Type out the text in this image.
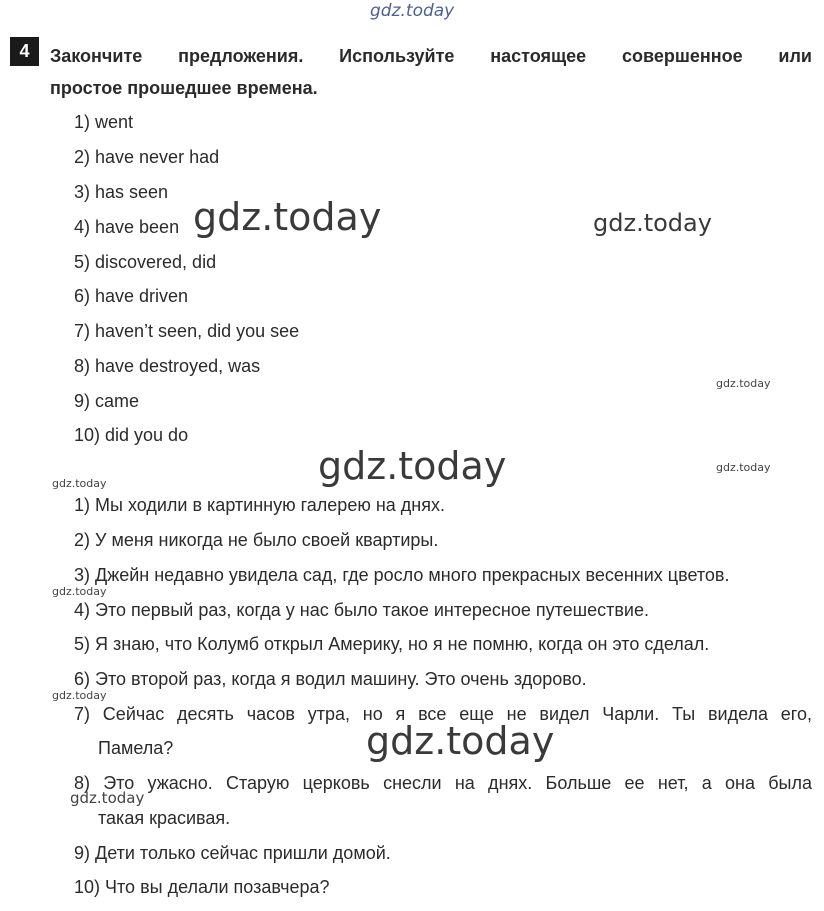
gdz.today
4	Закончите предложения. Используйте настоящее совершенное или
простое прошедшее времена.
1) went
2) have never had
3) has seen
4) have been
5) discovered, did
6) have driven
7) haven’t seen, did you see
8) have destroyed, was
9) came
10) did you do
gdz.today	gdz.today
gdz.today
gdz.today	gdz.today
gdz.today
1) Мы ходили в картинную галерею на днях.
2) У меня никогда не было своей квартиры.
3) Джейн недавно увидела сад, где росло много прекрасных весенних цветов.
4) Это первый раз, когда у нас было такое интересное путешествие.
5) Я знаю, что Колумб открыл Америку, но я не помню, когда он это сделал.
6) Это второй раз, когда я водил машину. Это очень здорово.
7) Сейчас десять часов утра, но я все еще не видел Чарли. Ты видела его,
Памела?
8) Это ужасно. Старую церковь снесли на днях. Больше ее нет, а она была
такая красивая.
9) Дети только сейчас пришли домой.
10) Что вы делали позавчера?
gdz.today
gdz.today
gdz.today
gdz.today
